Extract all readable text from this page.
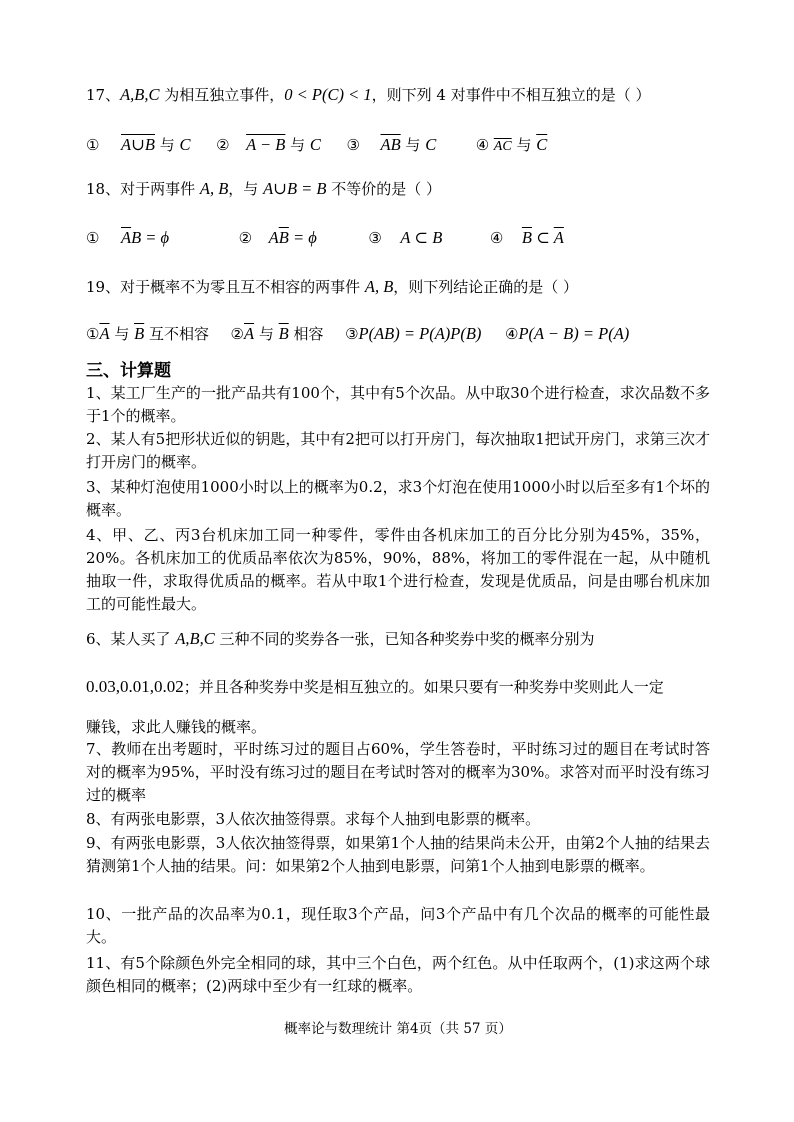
17、A,B,C 为相互独立事件，0 < P(C) < 1，则下列 4 对事件中不相互独立的是（ ）
① A∪B 与 C ② A − B 与 C ③ $\overline{AB}$ 与 C	④ $\overline{AC}$ 与 $\overline{C}$
18、对于两事件 A, B，与 A∪B = B 不等价的是（ ）
① $\overline{A}B = \phi$	② $A\overline{B} = \phi$	③ A ⊂ B	④ $\overline{B}$ ⊂ $\overline{A}$
19、对于概率不为零且互不相容的两事件 A, B，则下列结论正确的是（ ）
$①\overline{A}$ 与 $\overline{B}$ 互不相容 $②\overline{A}$ 与 $\overline{B}$ 相容 ③P(AB) = P(A)P(B) ④P(A − B) = P(A)
三、计算题
1、某工厂生产的一批产品共有100个，其中有5个次品。从中取30个进行检查，求次品数不多于1个的概率。
2、某人有5把形状近似的钥匙，其中有2把可以打开房门，每次抽取1把试开房门，求第三次才打开房门的概率。
3、某种灯泡使用1000小时以上的概率为0.2，求3个灯泡在使用1000小时以后至多有1个坏的概率。
4、甲、乙、丙3台机床加工同一种零件，零件由各机床加工的百分比分别为45%，35%，20%。各机床加工的优质品率依次为85%，90%，88%，将加工的零件混在一起，从中随机抽取一件，求取得优质品的概率。若从中取1个进行检查，发现是优质品，问是由哪台机床加工的可能性最大。
6、某人买了 A,B,C 三种不同的奖券各一张，已知各种奖券中奖的概率分别为
0.03,0.01,0.02；并且各种奖券中奖是相互独立的。如果只要有一种奖券中奖则此人一定
赚钱，求此人赚钱的概率。
7、教师在出考题时，平时练习过的题目占60%，学生答卷时，平时练习过的题目在考试时答对的概率为95%，平时没有练习过的题目在考试时答对的概率为30%。求答对而平时没有练习过的概率
8、有两张电影票，3人依次抽签得票。求每个人抽到电影票的概率。
9、有两张电影票，3人依次抽签得票，如果第1个人抽的结果尚未公开，由第2个人抽的结果去猜测第1个人抽的结果。问：如果第2个人抽到电影票，问第1个人抽到电影票的概率。
10、一批产品的次品率为0.1，现任取3个产品，问3个产品中有几个次品的概率的可能性最大。
11、有5个除颜色外完全相同的球，其中三个白色，两个红色。从中任取两个，(1)求这两个球颜色相同的概率；(2)两球中至少有一红球的概率。
概率论与数理统计 第4页（共 57 页）
